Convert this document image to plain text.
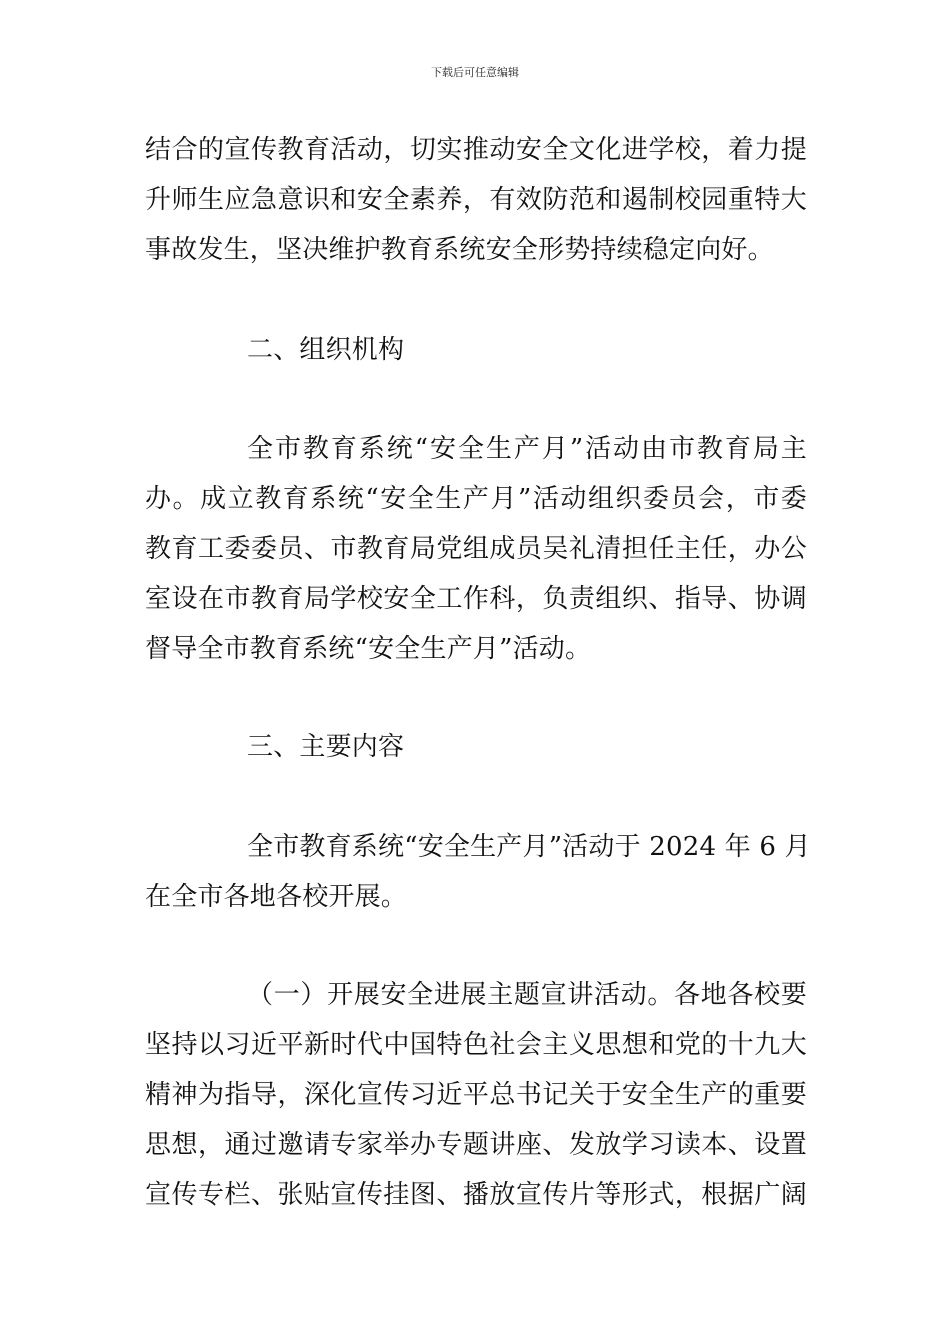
下载后可任意编辑
结合的宣传教育活动，切实推动安全文化进学校，着力提
升师生应急意识和安全素养，有效防范和遏制校园重特大
事故发生，坚决维护教育系统安全形势持续稳定向好。
二、组织机构
全市教育系统“安全生产月”活动由市教育局主
办。成立教育系统“安全生产月”活动组织委员会，市委
教育工委委员、市教育局党组成员吴礼清担任主任，办公
室设在市教育局学校安全工作科，负责组织、指导、协调
督导全市教育系统“安全生产月”活动。
三、主要内容
全市教育系统“安全生产月”活动于 2024 年 6 月
在全市各地各校开展。
（一）开展安全进展主题宣讲活动。各地各校要
坚持以习近平新时代中国特色社会主义思想和党的十九大
精神为指导，深化宣传习近平总书记关于安全生产的重要
思想，通过邀请专家举办专题讲座、发放学习读本、设置
宣传专栏、张贴宣传挂图、播放宣传片等形式，根据广阔
